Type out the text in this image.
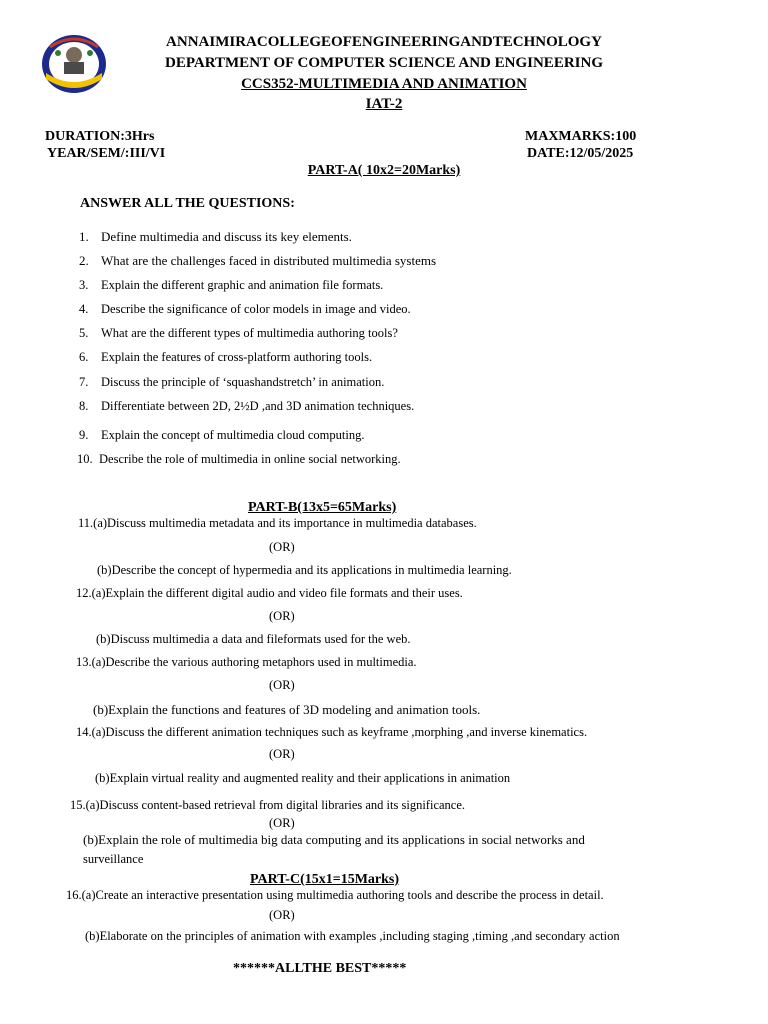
ANNAIMIRACOLLEGEOFENGINEERINGANDTECHNOLOGY
DEPARTMENT OF COMPUTER SCIENCE AND ENGINEERING
CCS352-MULTIMEDIA AND ANIMATION
IAT-2
DURATION:3Hrs	MAXMARKS:100
YEAR/SEM/:III/VI	DATE:12/05/2025
PART-A( 10x2=20Marks)
ANSWER ALL THE QUESTIONS:
1. Define multimedia and discuss its key elements.
2. What are the challenges faced in distributed multimedia systems
3. Explain the different graphic and animation file formats.
4. Describe the significance of color models in image and video.
5. What are the different types of multimedia authoring tools?
6. Explain the features of cross-platform authoring tools.
7. Discuss the principle of ‘squashandstretch’ in animation.
8. Differentiate between 2D, 2½D ,and 3D animation techniques.
9. Explain the concept of multimedia cloud computing.
10. Describe the role of multimedia in online social networking.
PART-B(13x5=65Marks)
11.(a)Discuss multimedia metadata and its importance in multimedia databases.
(OR)
(b)Describe the concept of hypermedia and its applications in multimedia learning.
12.(a)Explain the different digital audio and video file formats and their uses.
(OR)
(b)Discuss multimedia a data and fileformats used for the web.
13.(a)Describe the various authoring metaphors used in multimedia.
(OR)
(b)Explain the functions and features of 3D modeling and animation tools.
14.(a)Discuss the different animation techniques such as keyframe ,morphing ,and inverse kinematics.
(OR)
(b)Explain virtual reality and augmented reality and their applications in animation
15.(a)Discuss content-based retrieval from digital libraries and its significance.
(OR)
(b)Explain the role of multimedia big data computing and its applications in social networks and
surveillance
PART-C(15x1=15Marks)
16.(a)Create an interactive presentation using multimedia authoring tools and describe the process in detail.
(OR)
(b)Elaborate on the principles of animation with examples ,including staging ,timing ,and secondary action
******ALLTHE BEST*****
